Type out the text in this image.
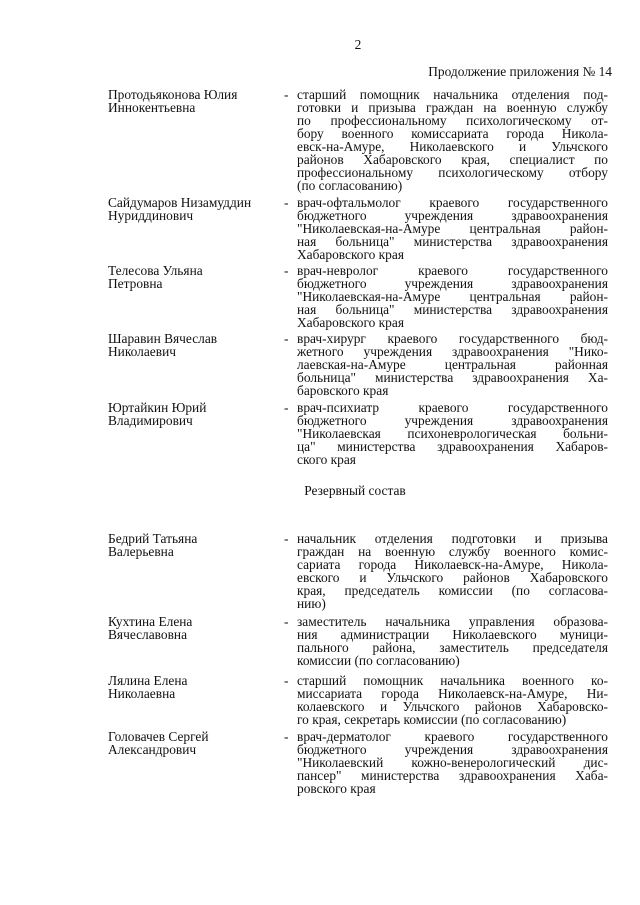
2
Продолжение приложения № 14
Протодьяконова Юлия
Иннокентьевна
- старший помощник начальника отделения под-
готовки и призыва граждан на военную службу
по профессиональному психологическому от-
бору военного комиссариата города Никола-
евск-на-Амуре, Николаевского и Ульчского
районов Хабаровского края, специалист по
профессиональному психологическому отбору
(по согласованию)
Сайдумаров Низамуддин
Нуриддинович
- врач-офтальмолог краевого государственного
бюджетного учреждения здравоохранения
"Николаевская-на-Амуре центральная район-
ная больница" министерства здравоохранения
Хабаровского края
Телесова Ульяна
Петровна
- врач-невролог краевого государственного
бюджетного учреждения здравоохранения
"Николаевская-на-Амуре центральная район-
ная больница" министерства здравоохранения
Хабаровского края
Шаравин Вячеслав
Николаевич
- врач-хирург краевого государственного бюд-
жетного учреждения здравоохранения "Нико-
лаевская-на-Амуре центральная районная
больница" министерства здравоохранения Ха-
баровского края
Юртайкин Юрий
Владимирович
- врач-психиатр краевого государственного
бюджетного учреждения здравоохранения
"Николаевская психоневрологическая больни-
ца" министерства здравоохранения Хабаров-
ского края
Резервный состав
Бедрий Татьяна
Валерьевна
- начальник отделения подготовки и призыва
граждан на военную службу военного комис-
сариата города Николаевск-на-Амуре, Никола-
евского и Ульчского районов Хабаровского
края, председатель комиссии (по согласова-
нию)
Кухтина Елена
Вячеславовна
- заместитель начальника управления образова-
ния администрации Николаевского муници-
пального района, заместитель председателя
комиссии (по согласованию)
Лялина Елена
Николаевна
- старший помощник начальника военного ко-
миссариата города Николаевск-на-Амуре, Ни-
колаевского и Ульчского районов Хабаровско-
го края, секретарь комиссии (по согласованию)
Головачев Сергей
Александрович
- врач-дерматолог краевого государственного
бюджетного учреждения здравоохранения
"Николаевский кожно-венерологический дис-
пансер" министерства здравоохранения Хаба-
ровского края
